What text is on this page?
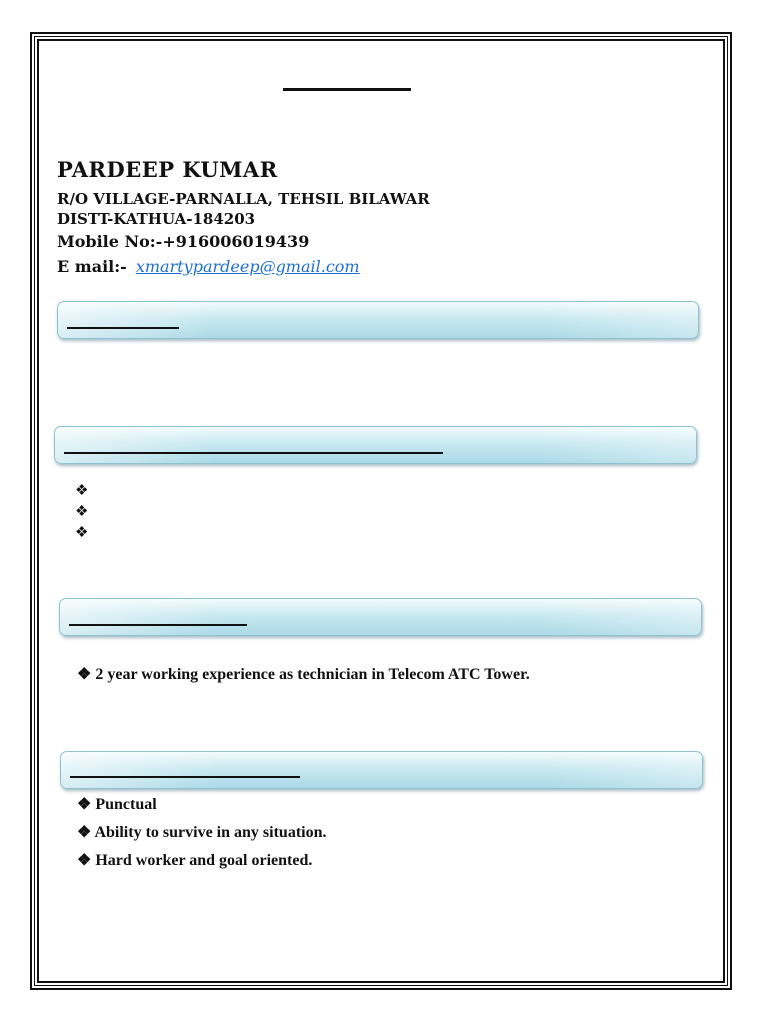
PARDEEP KUMAR
R/O VILLAGE-PARNALLA, TEHSIL BILAWAR
DISTT-KATHUA-184203
Mobile No:-+916006019439
E mail:- xmartypardeep@gmail.com
❖
❖
❖
❖ 2 year working experience as technician in Telecom ATC Tower.
❖ Punctual
❖ Ability to survive in any situation.
❖ Hard worker and goal oriented.
